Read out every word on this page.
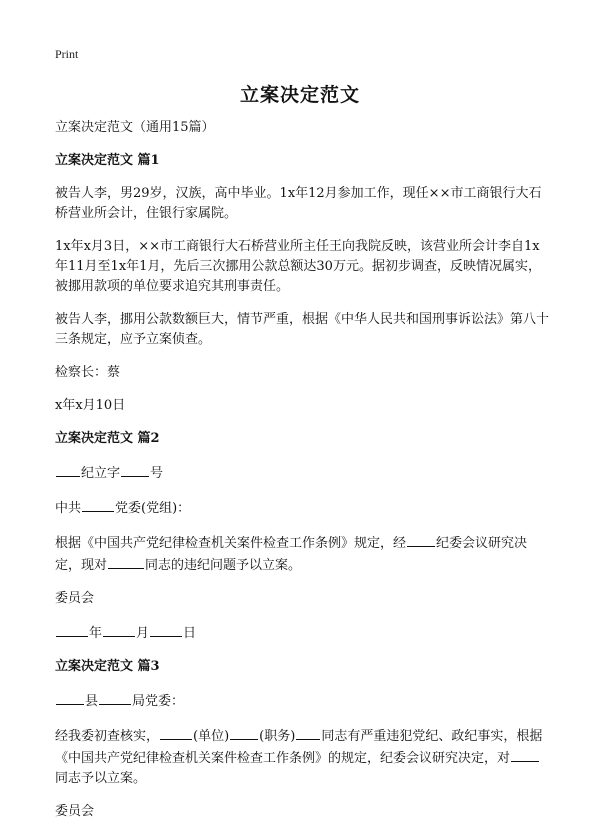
Print
立案决定范文

立案决定范文（通用15篇）

立案决定范文 篇1

被告人李，男29岁，汉族，高中毕业。1x年12月参加工作，现任××市工商银行大石桥营业所会计，住银行家属院。

1x年x月3日，××市工商银行大石桥营业所主任王向我院反映，该营业所会计李自1x年11月至1x年1月，先后三次挪用公款总额达30万元。据初步调查，反映情况属实，被挪用款项的单位要求追究其刑事责任。

被告人李，挪用公款数额巨大，情节严重，根据《中华人民共和国刑事诉讼法》第八十三条规定，应予立案侦查。

检察长：蔡

x年x月10日

立案决定范文 篇2

纪立字 号

中共	党委(党组)：

根据《中国共产党纪律检查机关案件检查工作条例》规定，经 纪委会议研究决定，现对	同志的违纪问题予以立案。

委员会

年	月	日

立案决定范文 篇3

县	局党委：

经我委初查核实，	(单位) (职务) 同志有严重违犯党纪、政纪事实，根据《中国共产党纪律检查机关案件检查工作条例》的规定，纪委会议研究决定，对同志予以立案。

委员会
